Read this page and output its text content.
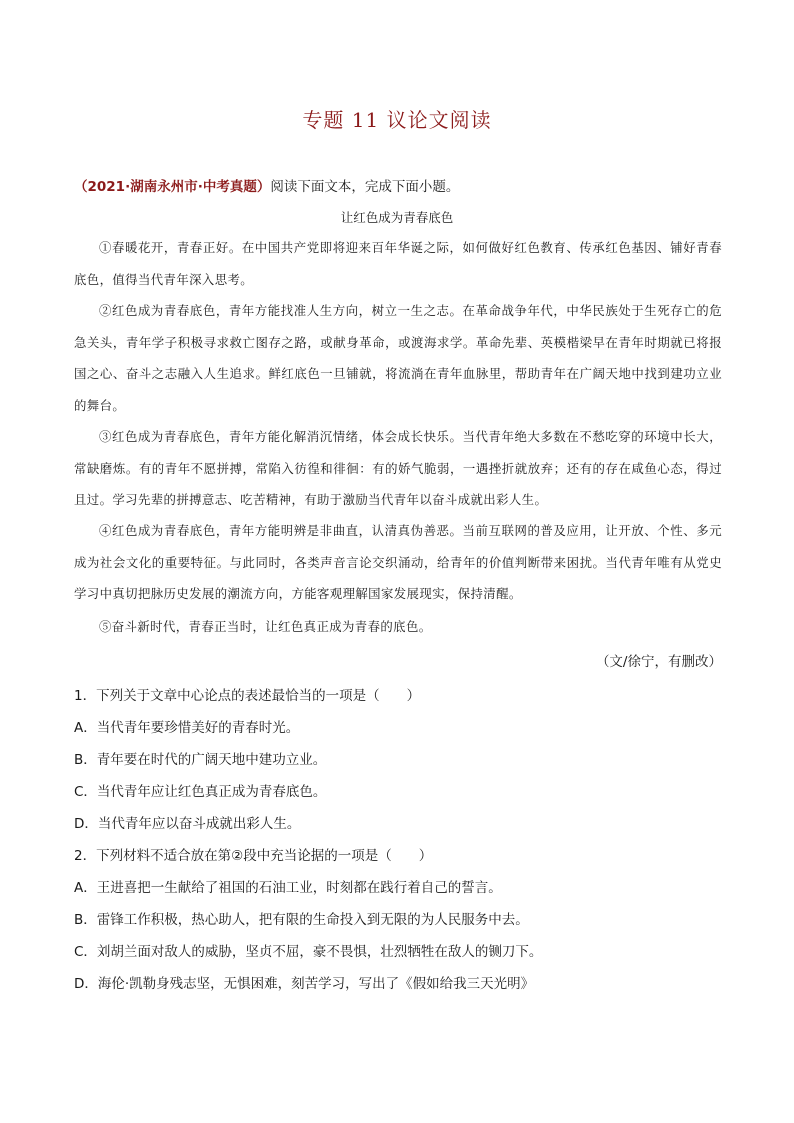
专题 11 议论文阅读
（2021·湖南永州市·中考真题）阅读下面文本，完成下面小题。
让红色成为青春底色
①春暖花开，青春正好。在中国共产党即将迎来百年华诞之际，如何做好红色教育、传承红色基因、铺好青春底色，值得当代青年深入思考。
②红色成为青春底色，青年方能找准人生方向，树立一生之志。在革命战争年代，中华民族处于生死存亡的危急关头，青年学子积极寻求救亡图存之路，或献身革命，或渡海求学。革命先辈、英模楷梁早在青年时期就已将报国之心、奋斗之志融入人生追求。鲜红底色一旦铺就，将流淌在青年血脉里，帮助青年在广阔天地中找到建功立业的舞台。
③红色成为青春底色，青年方能化解消沉情绪，体会成长快乐。当代青年绝大多数在不愁吃穿的环境中长大，常缺磨炼。有的青年不愿拼搏，常陷入彷徨和徘徊：有的娇气脆弱，一遇挫折就放弃；还有的存在咸鱼心态，得过且过。学习先辈的拼搏意志、吃苦精神，有助于激励当代青年以奋斗成就出彩人生。
④红色成为青春底色，青年方能明辨是非曲直，认清真伪善恶。当前互联网的普及应用，让开放、个性、多元成为社会文化的重要特征。与此同时，各类声音言论交织涌动，给青年的价值判断带来困扰。当代青年唯有从党史学习中真切把脉历史发展的潮流方向，方能客观理解国家发展现实，保持清醒。
⑤奋斗新时代，青春正当时，让红色真正成为青春的底色。
（文/徐宁，有删改）
1．下列关于文章中心论点的表述最恰当的一项是（　　）
A．当代青年要珍惜美好的青春时光。
B．青年要在时代的广阔天地中建功立业。
C．当代青年应让红色真正成为青春底色。
D．当代青年应以奋斗成就出彩人生。
2．下列材料不适合放在第②段中充当论据的一项是（　　）
A．王进喜把一生献给了祖国的石油工业，时刻都在践行着自己的誓言。
B．雷锋工作积极，热心助人，把有限的生命投入到无限的为人民服务中去。
C．刘胡兰面对敌人的威胁，坚贞不屈，豪不畏惧，壮烈牺牲在敌人的铡刀下。
D．海伦·凯勒身残志坚，无惧困难，刻苦学习，写出了《假如给我三天光明》
